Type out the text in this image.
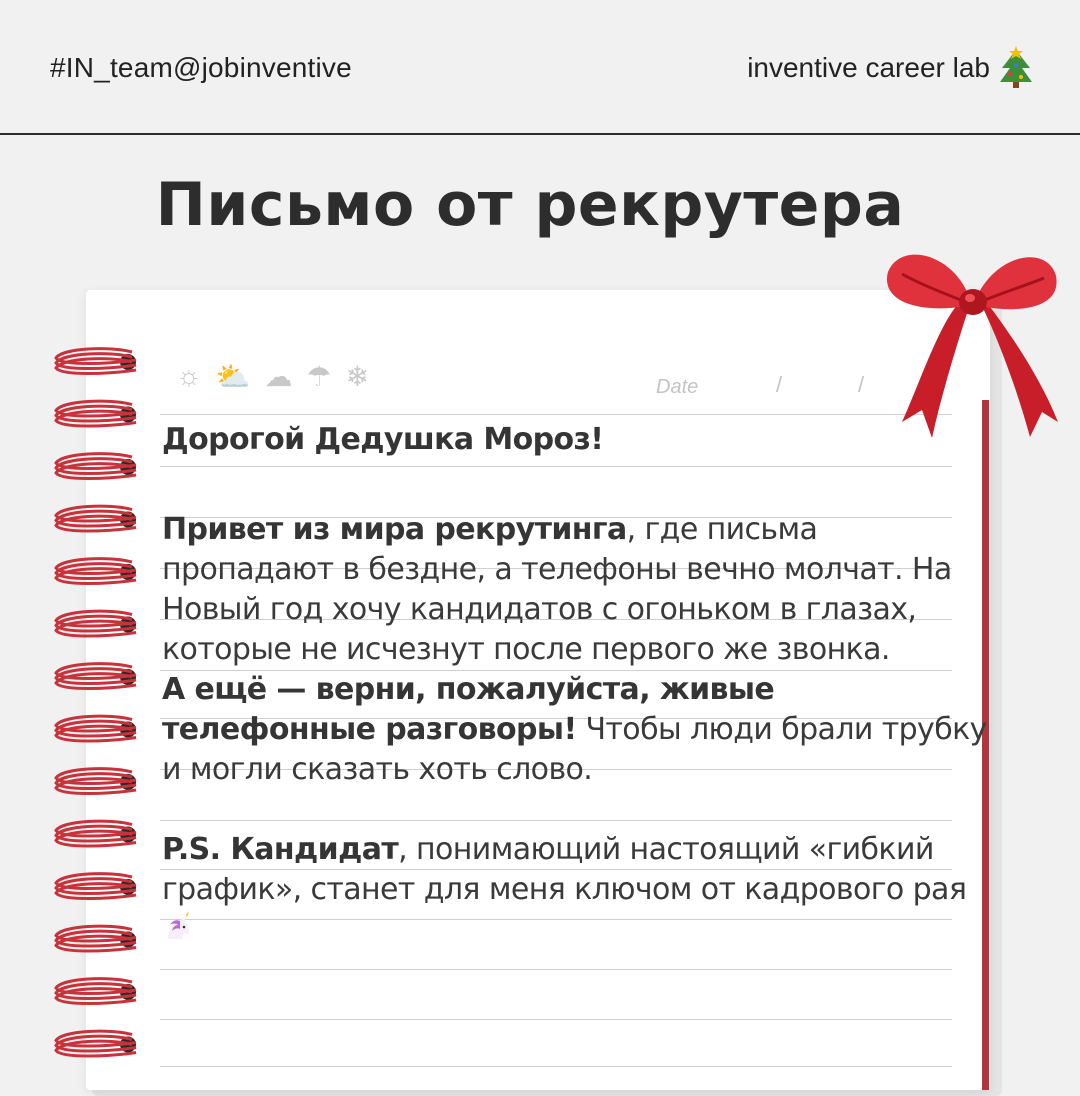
#IN_team@jobinventive	inventive career lab
Письмо от рекрутера
☼ ⛅ ☁ ☂ ❄	Date	/	/

Дорогой Дедушка Мороз!

Привет из мира рекрутинга, где письма пропадают в бездне, а телефоны вечно молчат. На Новый год хочу кандидатов с огоньком в глазах, которые не исчезнут после первого же звонка.

А ещё — верни, пожалуйста, живые телефонные разговоры! Чтобы люди брали трубку и могли сказать хоть слово.

P.S. Кандидат, понимающий настоящий «гибкий график», станет для меня ключом от кадрового рая
